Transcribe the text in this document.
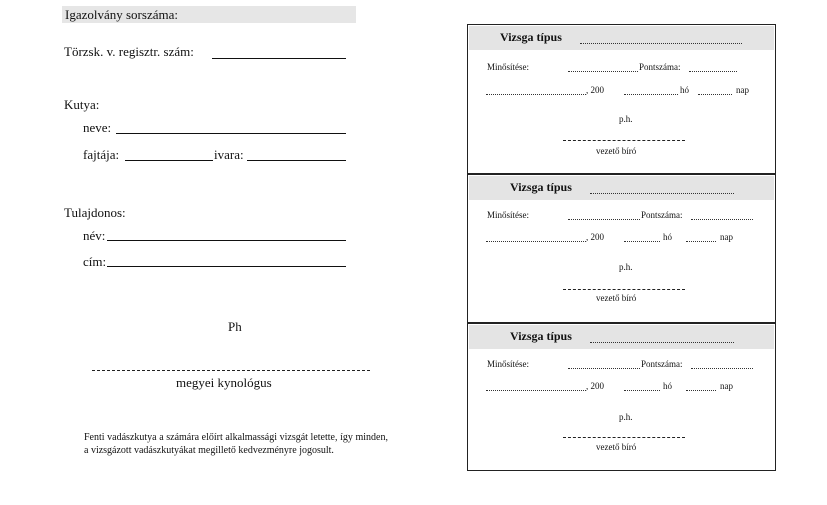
Igazolvány sorszáma:
Törzsk. v. regisztr. szám:
Kutya:
neve:
fajtája:	ivara:
Tulajdonos:
név:
cím:
Ph
megyei kynológus
Fenti vadászkutya a számára előírt alkalmassági vizsgát letette, így minden, a vizsgázott vadászkutyákat megillető kedvezményre jogosult.
Vizsga típus
Minősítése:	Pontszáma:
, 200	hó	nap
p.h.
vezető bíró
Vizsga típus
Minősítése:	Pontszáma:
, 200	hó	nap
p.h.
vezető bíró
Vizsga típus
Minősítése:	Pontszáma:
, 200	hó	nap
p.h.
vezető bíró
